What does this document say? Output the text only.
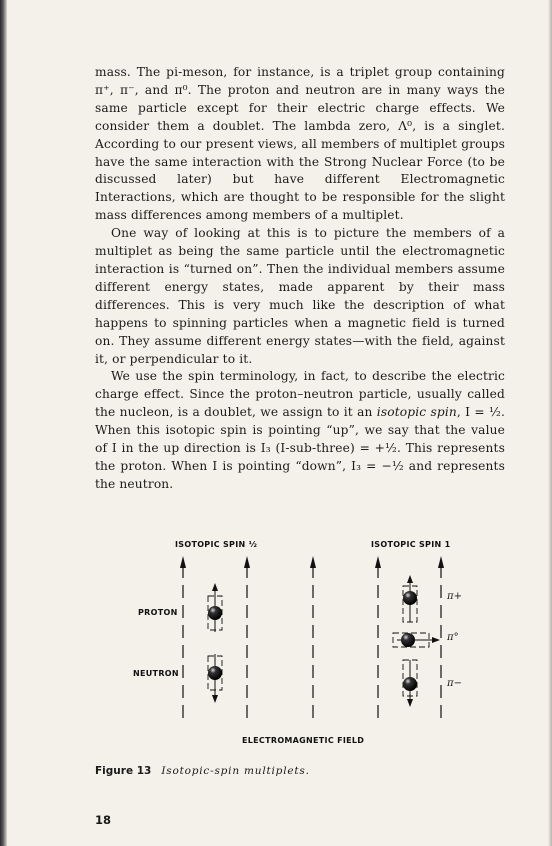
mass. The pi-meson, for instance, is a triplet group containing π⁺, π⁻, and π⁰. The proton and neutron are in many ways the same particle except for their electric charge effects. We consider them a doublet. The lambda zero, Λ⁰, is a singlet. According to our present views, all members of multiplet groups have the same interaction with the Strong Nuclear Force (to be discussed later) but have different Electromagnetic Interactions, which are thought to be responsible for the slight mass differences among members of a multiplet.

One way of looking at this is to picture the members of a multiplet as being the same particle until the electromagnetic interaction is “turned on”. Then the individual members assume different energy states, made apparent by their mass differences. This is very much like the description of what happens to spinning particles when a magnetic field is turned on. They assume different energy states—with the field, against it, or perpendicular to it.

We use the spin terminology, in fact, to describe the electric charge effect. Since the proton–neutron particle, usually called the nucleon, is a doublet, we assign to it an isotopic spin, I = ½. When this isotopic spin is pointing “up”, we say that the value of I in the up direction is I₃ (I-sub-three) = +½. This represents the proton. When I is pointing “down”, I₃ = −½ and represents the neutron.

ISOTOPIC SPIN ½	ISOTOPIC SPIN 1
PROTON
NEUTRON
π+
π°
π−
ELECTROMAGNETIC FIELD
Figure 13 Isotopic-spin multiplets.
18
